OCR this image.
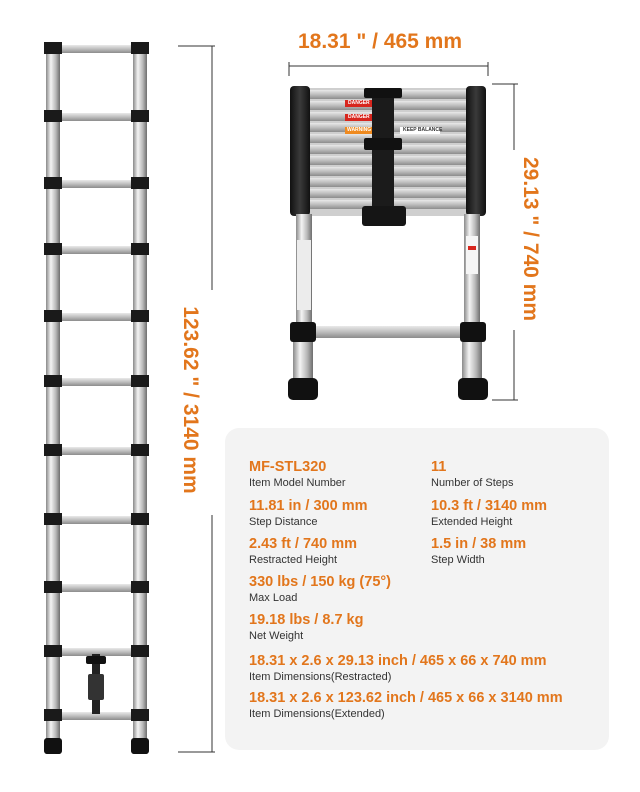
DANGER
DANGER
WARNING	KEEP BALANCE
18.31 " / 465 mm
123.62 " / 3140 mm
29.13 " / 740 mm
MF-STL320
Item Model Number
11
Number of Steps
11.81 in / 300 mm
Step Distance
10.3 ft / 3140 mm
Extended Height
2.43 ft / 740 mm
Restracted Height
1.5 in / 38 mm
Step Width
330 lbs / 150 kg (75°)
Max Load
19.18 lbs / 8.7 kg
Net Weight
18.31 x 2.6 x 29.13 inch / 465 x 66 x 740 mm
Item Dimensions(Restracted)
18.31 x 2.6 x 123.62 inch / 465 x 66 x 3140 mm
Item Dimensions(Extended)
